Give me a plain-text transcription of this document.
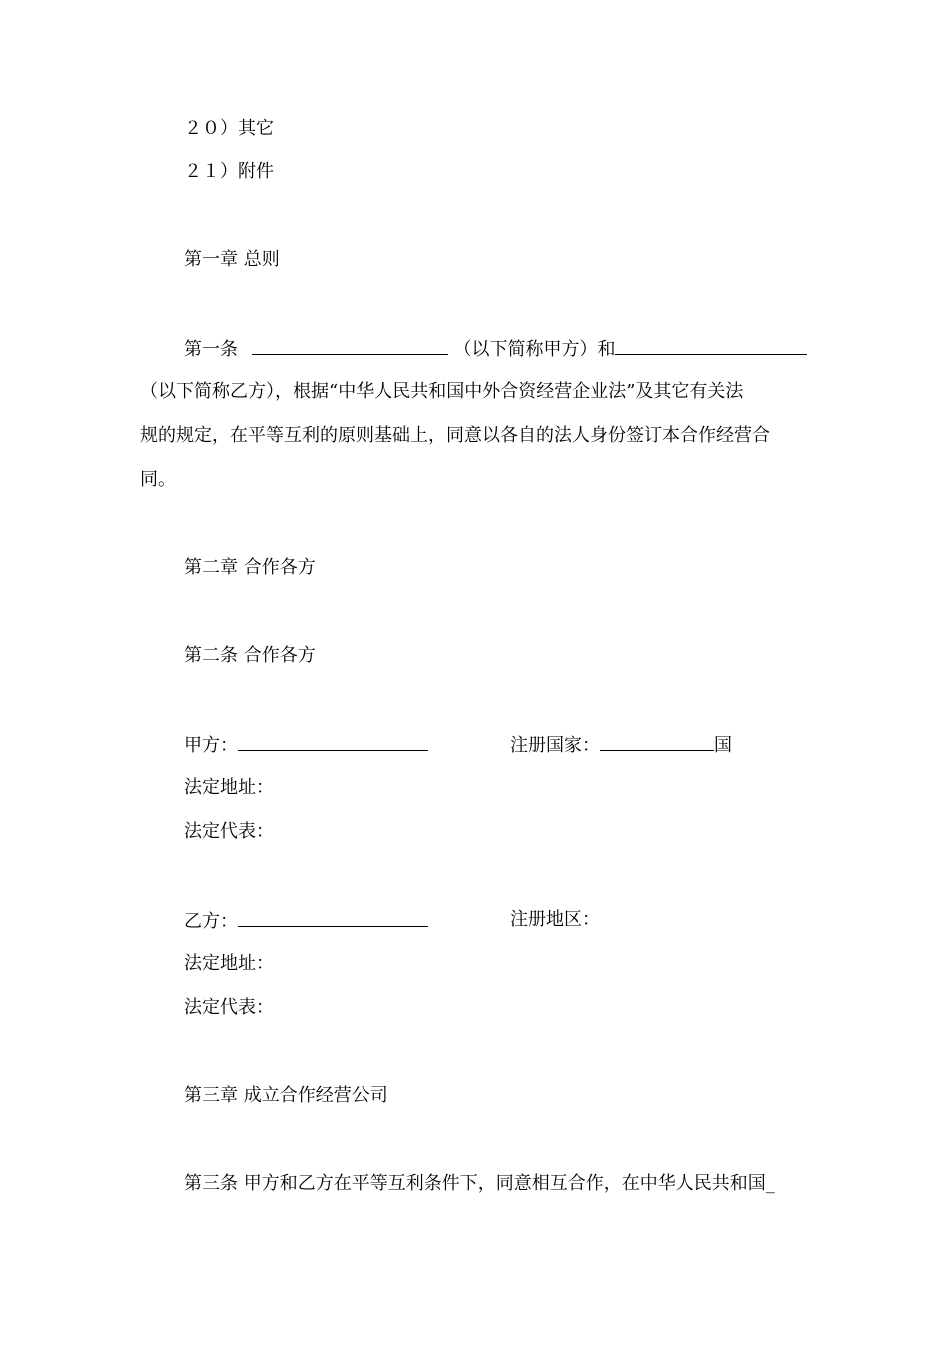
２０）其它
２１）附件
第一章 总则
第一条	（以下简称甲方）和
（以下简称乙方），根据“中华人民共和国中外合资经营企业法”及其它有关法
规的规定，在平等互利的原则基础上，同意以各自的法人身份签订本合作经营合
同。
第二章 合作各方
第二条 合作各方
甲方：	注册国家：	国
法定地址：
法定代表：
乙方：	注册地区：
法定地址：
法定代表：
第三章 成立合作经营公司
第三条 甲方和乙方在平等互利条件下，同意相互合作，在中华人民共和国_
